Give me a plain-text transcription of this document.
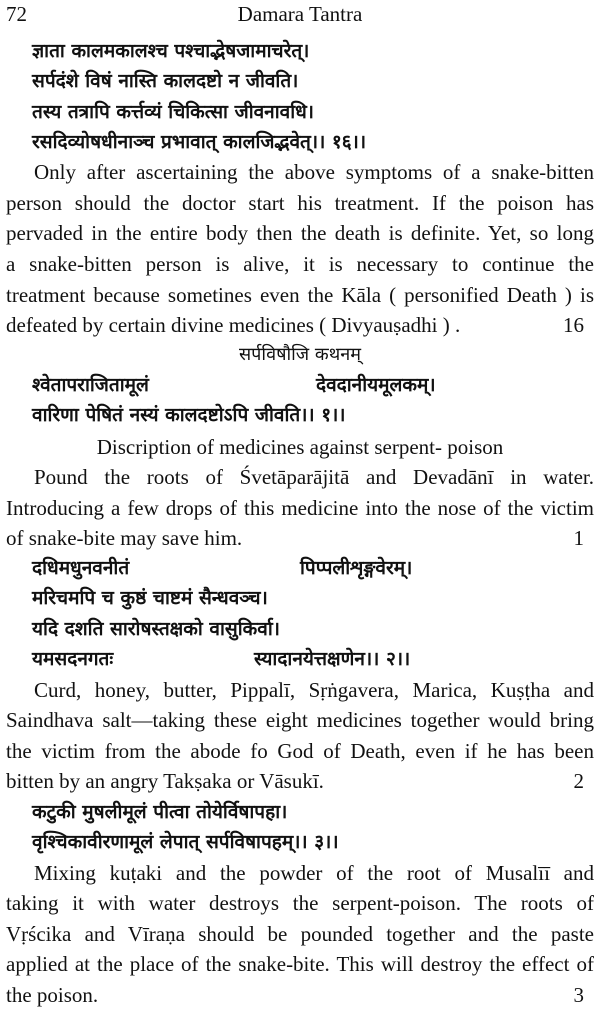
72	Damara Tantra
ज्ञाता कालमकालश्च पश्चाद्भेषजामाचरेत्।
सर्पदंशे विषं नास्ति कालदष्टो न जीवति।
तस्य तत्रापि कर्त्तव्यं चिकित्सा जीवनावधि।
रसदिव्योषधीनाञ्च प्रभावात् कालजिद्भवेत्।। १६।।
Only after ascertaining the above symptoms of a snake-bitten
person should the doctor start his treatment. If the poison has
pervaded in the entire body then the death is definite. Yet, so long
a snake-bitten person is alive, it is necessary to continue the
treatment because sometines even the Kāla ( personified Death ) is
defeated by certain divine medicines ( Divyauṣadhi ) .	16
सर्पविषौजि कथनम्
श्वेतापराजितामूलं	देवदानीयमूलकम्।
वारिणा पेषितं नस्यं कालदष्टोऽपि जीवति।। १।।
Discription of medicines against serpent- poison
Pound the roots of Śvetāparājitā and Devadānī in water.
Introducing a few drops of this medicine into the nose of the victim
of snake-bite may save him.	1
दधिमधुनवनीतं	पिप्पलीशृङ्गवेरम्।
मरिचमपि च कुष्ठं चाष्टमं सैन्धवञ्च।
यदि दशति सारोषस्तक्षको वासुकिर्वा।
यमसदनगतः	स्यादानयेत्तक्षणेन।। २।।
Curd, honey, butter, Pippalī, Sṛṅgavera, Marica, Kuṣṭha and
Saindhava salt—taking these eight medicines together would bring
the victim from the abode fo God of Death, even if he has been
bitten by an angry Takṣaka or Vāsukī.	2
कटुकी मुषलीमूलं पीत्वा तोयेर्विषापहा।
वृश्चिकावीरणामूलं लेपात् सर्पविषापहम्।। ३।।
Mixing kuṭaki and the powder of the root of Musalīī and
taking it with water destroys the serpent-poison. The roots of
Vṛścika and Vīraṇa should be pounded together and the paste
applied at the place of the snake-bite. This will destroy the effect of
the poison.	3
